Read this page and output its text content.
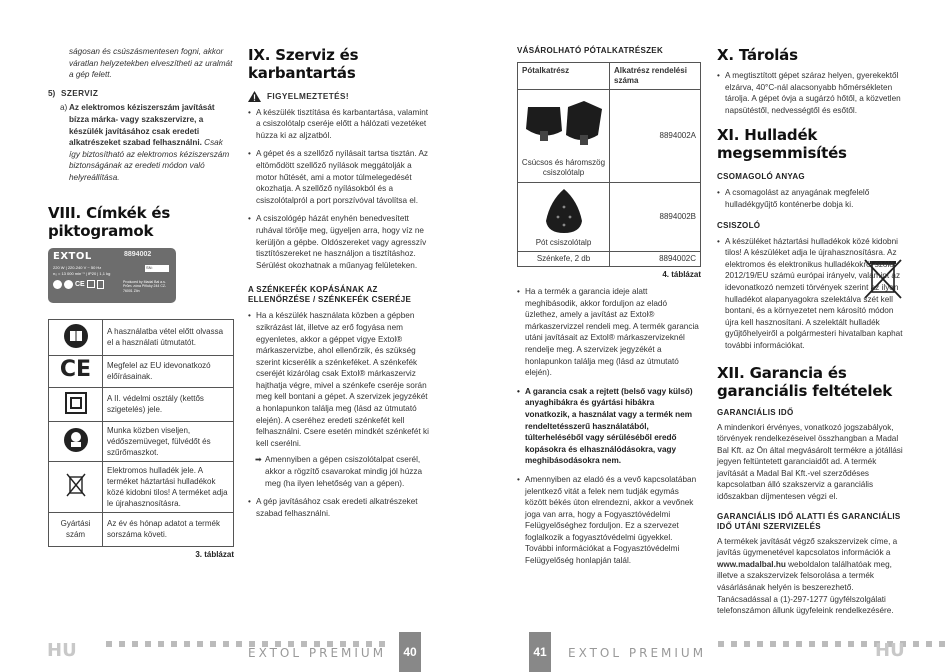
ságosan és csúszásmentesen fogni, akkor váratlan helyzetekben elveszítheti az uralmát a gép felett.

5) SZERVIZ
a) Az elektromos kéziszerszám javítását bízza márka- vagy szakszervizre, a készülék javításához csak eredeti alkatrészeket szabad felhasználni. Csak így biztosítható az elektromos kéziszerszám biztonságának az eredeti módon való helyreállítása.

VIII. Címkék és piktogramok
EXTOL	8894002
220 W | 220-240 V ~ 50 Hz
n₀ = 13 000 min⁻¹ | IP20 | 1,1 kg
SN:
CE	Produced by Madal Bal a.s. Prům. zóna Příluky 244 CZ-76001 Zlín
	A használatba vétel előtt olvassa el a használati útmutatót.
CE	Megfelel az EU idevonatkozó előírásainak.
	A II. védelmi osztály (kettős szigetelés) jele.
	Munka közben viseljen, védőszemüveget, fülvédőt és szűrőmaszkot.
	Elektromos hulladék jele. A terméket háztartási hulladékok közé kidobni tilos! A terméket adja le újrahasznosításra.
Gyártási szám	Az év és hónap adatot a termék sorszáma követi.
3. táblázat
IX. Szerviz és karbantartás
FIGYELMEZTETÉS!
• A készülék tisztítása és karbantartása, valamint a csiszolótalp cseréje előtt a hálózati vezetéket húzza ki az aljzatból.
• A gépet és a szellőző nyílásait tartsa tisztán. Az eltömődött szellőző nyílások meggátolják a motor hűtését, ami a motor túlmelegedését okozhatja. A szellőző nyílásokból és a csiszolótalpról a port porszívóval távolítsa el.
• A csiszológép házát enyhén benedvesített ruhával törölje meg, ügyeljen arra, hogy víz ne kerüljön a gépbe. Oldószereket vagy agresszív tisztítószereket ne használjon a tisztításhoz. Sérülést okozhatnak a műanyag felületeken.
A SZÉNKEFÉK KOPÁSÁNAK AZ ELLENŐRZÉSE / SZÉNKEFÉK CSERÉJE
• Ha a készülék használata közben a gépben szikrázást lát, illetve az erő fogyása nem egyenletes, akkor a géppet vigye Extol® márkaszervizbe, ahol ellenőrzik, és szükség szerint kicserélik a szénkeféket. A szénkefék cseréjét kizárólag csak Extol® márkaszerviz hajthatja végre, mivel a szénkefe cseréje során meg kell bontani a gépet. A szervizek jegyzékét a honlapunkon találja meg (lásd az útmutató elején). A cseréhez eredeti szénkefét kell felhasználni. Csere esetén mindkét szénkefét ki kell cserélni.
➡ Amennyiben a gépen csiszolótalpat cserél, akkor a rögzítő csavarokat mindig jól húzza meg (ha ilyen lehetőség van a gépen).

• A gép javításához csak eredeti alkatrészeket szabad felhasználni.
HU	EXTOL PREMIUM	40
VÁSÁROLHATÓ PÓTALKATRÉSZEK
Pótalkatrész	Alkatrész rendelési száma

Csúcsos és háromszög csiszolótalp	8894002A

Pót csiszolótalp	8894002B
Szénkefe, 2 db	8894002C
4. táblázat
• Ha a termék a garancia ideje alatt meghibásodik, akkor forduljon az eladó üzlethez, amely a javítást az Extol® márkaszervizzel rendeli meg. A termék garancia utáni javításait az Extol® márkaszervizeknél rendelje meg. A szervizek jegyzékét a honlapunkon találja meg (lásd az útmutató elején).
• A garancia csak a rejtett (belső vagy külső) anyaghibákra és gyártási hibákra vonatkozik, a használat vagy a termék nem rendeltetésszerű használatából, túlterheléséből vagy sérüléséből eredő kopásokra és elhasználódásokra, vagy meghibásodásokra nem.
• Amennyiben az eladó és a vevő kapcsolatában jelentkező vitát a felek nem tudják egymás között békés úton elrendezni, akkor a vevőnek joga van arra, hogy a Fogyasztóvédelmi Felügyelőséghez forduljon. Ez a szervezet foglalkozik a fogyasztóvédelmi ügyekkel. További információkat a Fogyasztóvédelmi Felügyelőség honlapján talál.
X. Tárolás
• A megtisztított gépet száraz helyen, gyerekektől elzárva, 40°C-nál alacsonyabb hőmérsékleten tárolja. A gépet óvja a sugárzó hőtől, a közvetlen napsütéstől, nedvességtől és esőtől.
XI. Hulladék megsemmisítés
CSOMAGOLÓ ANYAG
• A csomagolást az anyagának megfelelő hulladékgyűjtő konténerbe dobja ki.
CSISZOLÓ
• A készüléket háztartási hulladékok közé kidobni tilos! A készüléket adja le újrahasznosításra. Az elektromos és elektronikus hulladékokról szóló 2012/19/EU számú európai irányelv, valamint az idevonatkozó nemzeti törvények szerint az ilyen hulladékot alapanyagokra szelektálva szét kell bontani, és a környezetet nem károsító módon újra kell hasznosítani. A szelektált hulladék gyűjtőhelyeiről a polgármesteri hivatalban kaphat további információkat.
XII. Garancia és garanciális feltételek
GARANCIÁLIS IDŐ

A mindenkori érvényes, vonatkozó jogszabályok, törvények rendelkezéseivel összhangban a Madal Bal Kft. az Ön által megvásárolt termékre a jótállási jegyen feltüntetett garanciaidőt ad. A termék javítását a Madal Bal Kft.-vel szerződéses kapcsolatban álló szakszerviz a garanciális időszakban díjmentesen végzi el.

GARANCIÁLIS IDŐ ALATTI ÉS GARANCIÁLIS IDŐ UTÁNI SZERVIZELÉS

A termékek javítását végző szakszervizek címe, a javítás ügymenetével kapcsolatos információk a www.madalbal.hu weboldalon találhatóak meg, illetve a szakszervizek felsorolása a termék vásárlásának helyén is beszerezhető. Tanácsadással a (1)-297-1277 ügyfélszolgálati telefonszámon állunk ügyfeleink rendelkezésére.

41	EXTOL PREMIUM	HU
